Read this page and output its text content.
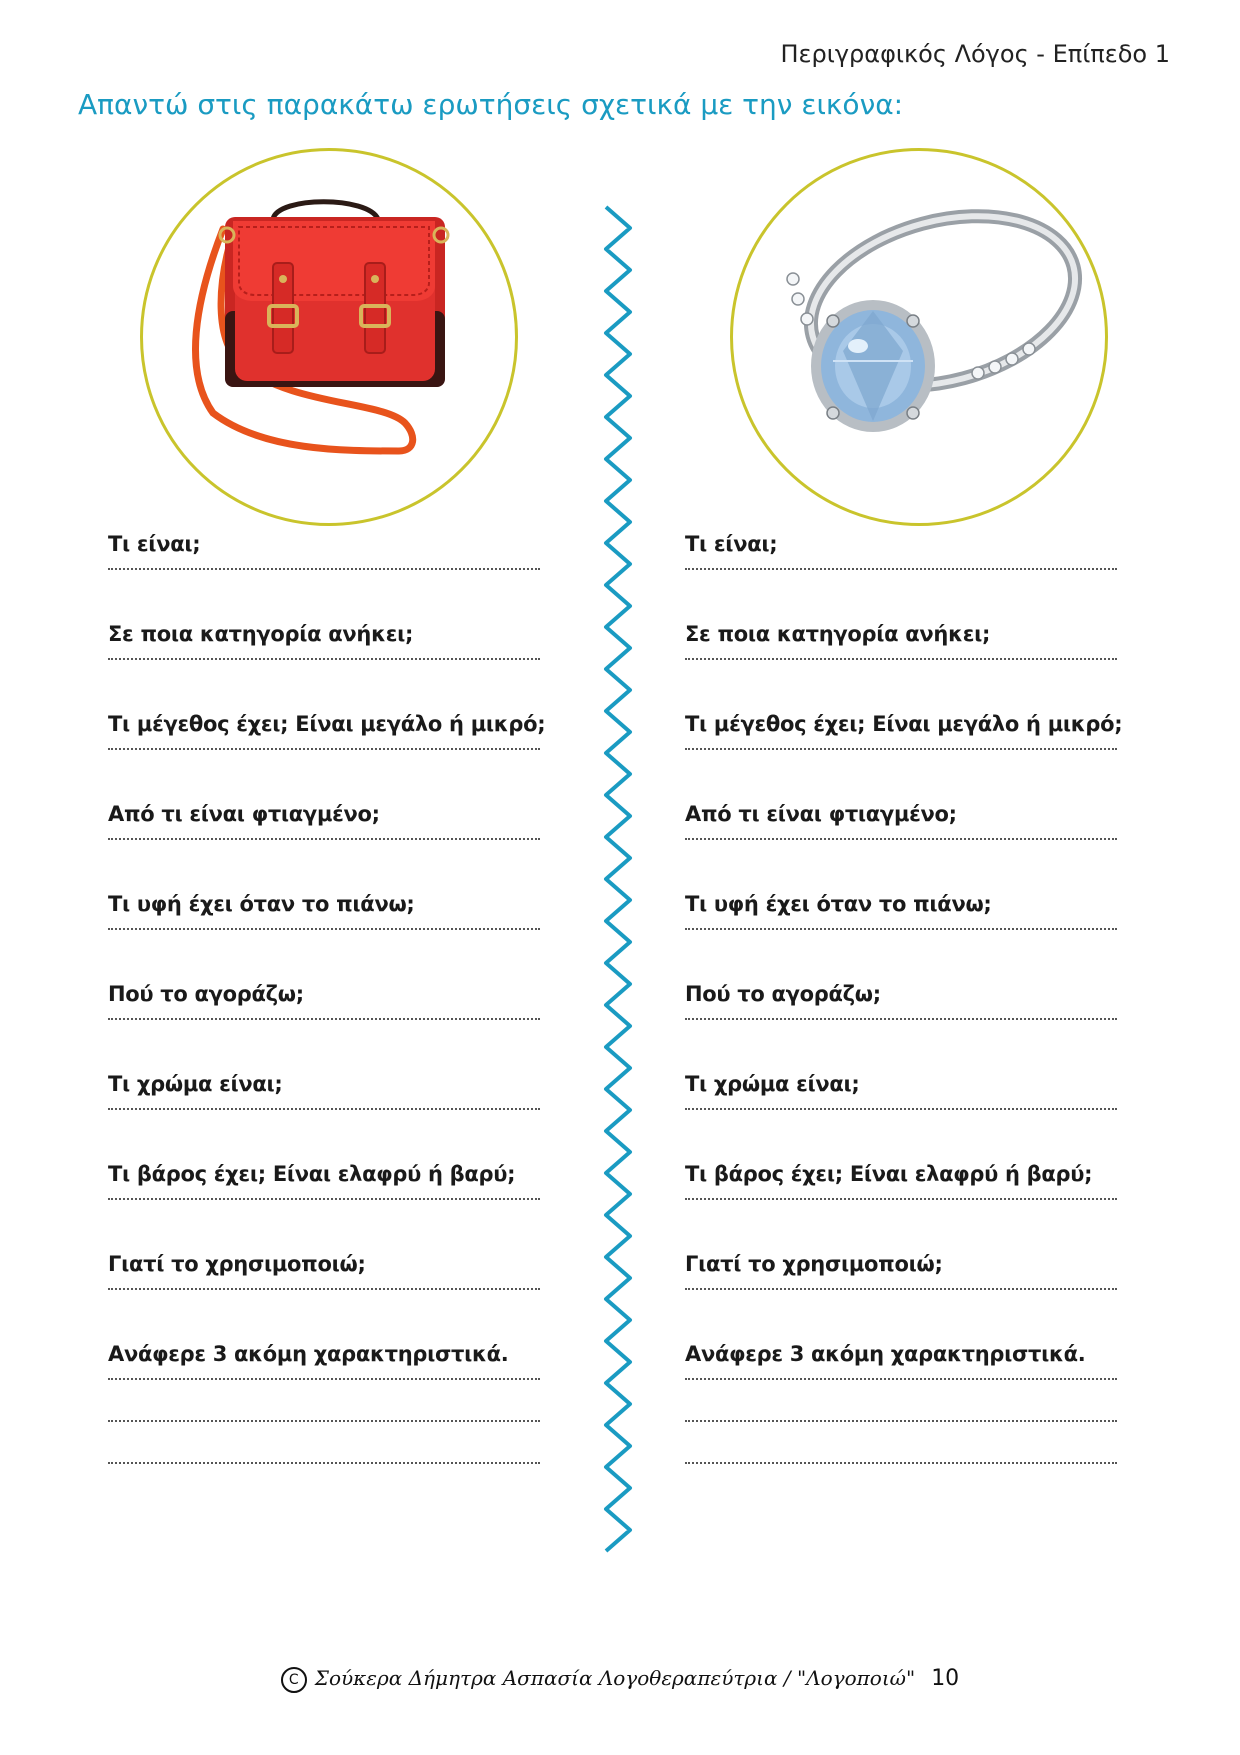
Περιγραφικός Λόγος - Επίπεδο 1
Απαντώ στις παρακάτω ερωτήσεις σχετικά με την εικόνα:
Τι είναι;
Σε ποια κατηγορία ανήκει;
Τι μέγεθος έχει; Είναι μεγάλο ή μικρό;
Από τι είναι φτιαγμένο;
Τι υφή έχει όταν το πιάνω;
Πού το αγοράζω;
Τι χρώμα είναι;
Τι βάρος έχει; Είναι ελαφρύ ή βαρύ;
Γιατί το χρησιμοποιώ;
Ανάφερε 3 ακόμη χαρακτηριστικά.
Τι είναι;
Σε ποια κατηγορία ανήκει;
Τι μέγεθος έχει; Είναι μεγάλο ή μικρό;
Από τι είναι φτιαγμένο;
Τι υφή έχει όταν το πιάνω;
Πού το αγοράζω;
Τι χρώμα είναι;
Τι βάρος έχει; Είναι ελαφρύ ή βαρύ;
Γιατί το χρησιμοποιώ;
Ανάφερε 3 ακόμη χαρακτηριστικά.
C Σούκερα Δήμητρα Ασπασία Λογοθεραπεύτρια / "Λογοποιώ" 10
